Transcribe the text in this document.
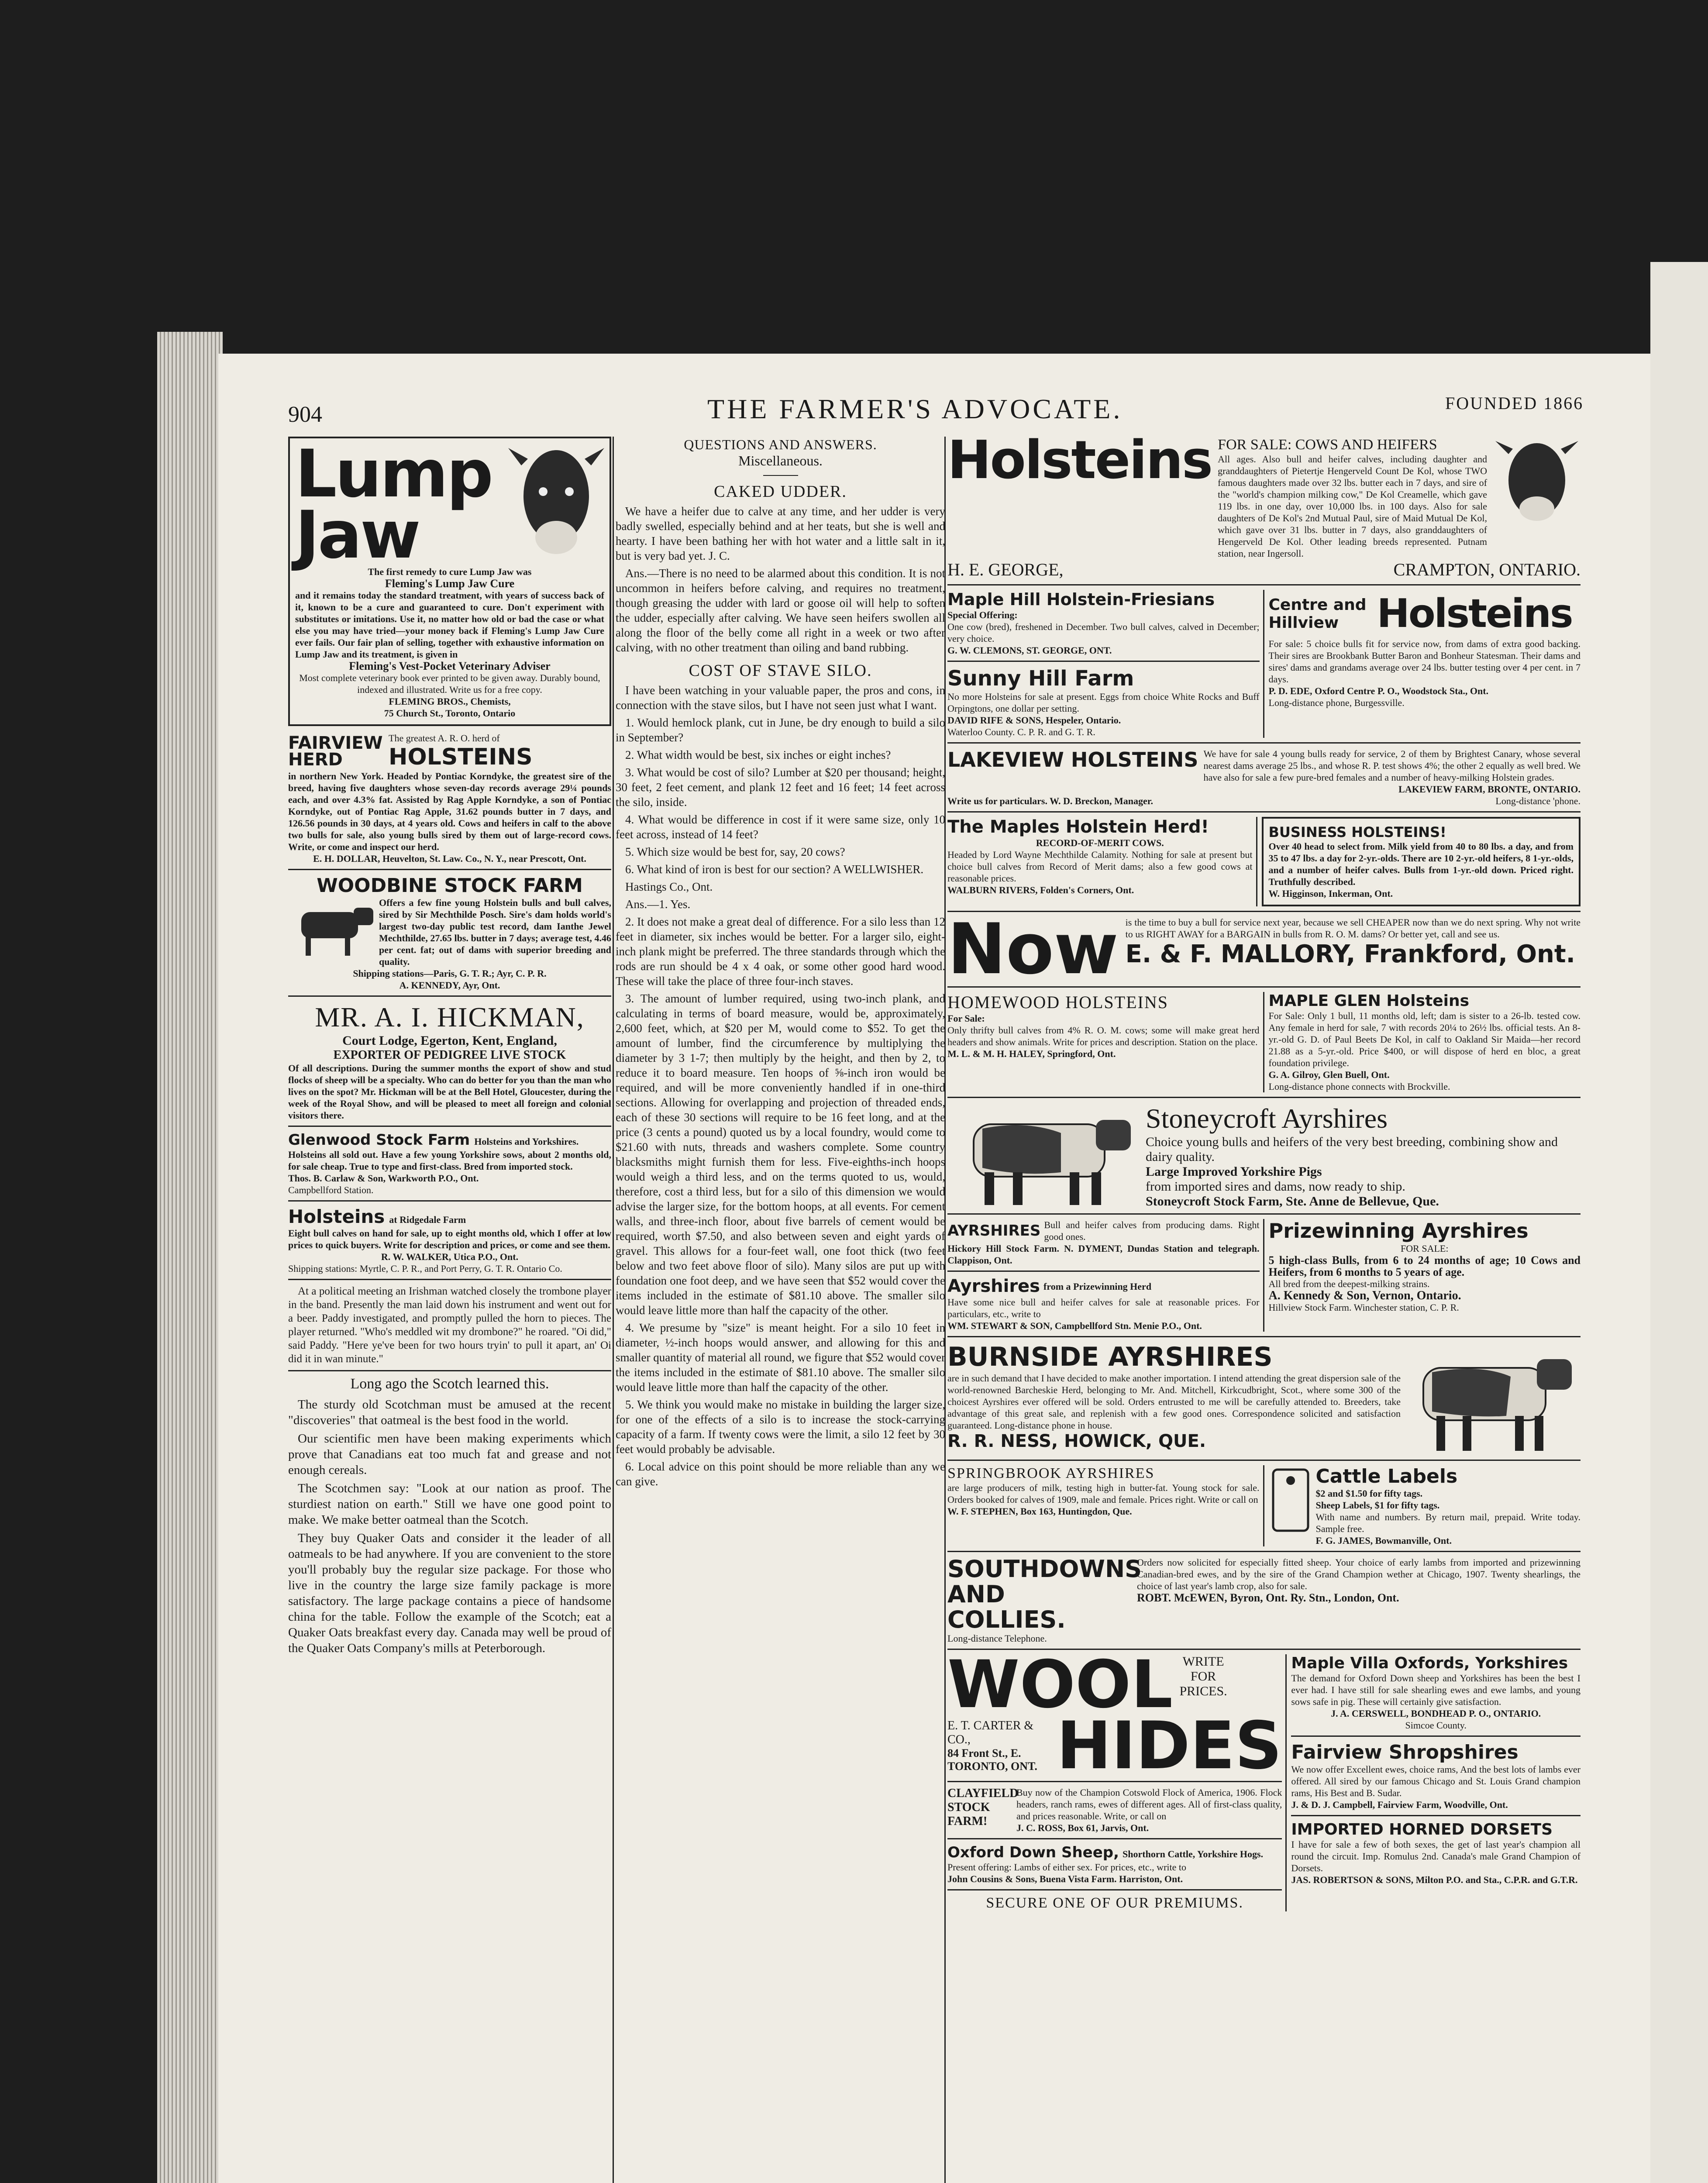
904	THE FARMER'S ADVOCATE.	FOUNDED 1866
Lump Jaw
The first remedy to cure Lump Jaw was
Fleming's Lump Jaw Cure
and it remains today the standard treatment, with years of success back of it, known to be a cure and guaranteed to cure. Don't experiment with substitutes or imitations. Use it, no matter how old or bad the case or what else you may have tried—your money back if Fleming's Lump Jaw Cure ever fails. Our fair plan of selling, together with exhaustive information on Lump Jaw and its treatment, is given in
Fleming's Vest-Pocket Veterinary Adviser
Most complete veterinary book ever printed to be given away. Durably bound, indexed and illustrated. Write us for a free copy.
FLEMING BROS., Chemists,
75 Church St., Toronto, Ontario
FAIRVIEW HERD
The greatest A. R. O. herd of
HOLSTEINS
in northern New York. Headed by Pontiac Korndyke, the greatest sire of the breed, having five daughters whose seven-day records average 29¼ pounds each, and over 4.3% fat. Assisted by Rag Apple Korndyke, a son of Pontiac Korndyke, out of Pontiac Rag Apple, 31.62 pounds butter in 7 days, and 126.56 pounds in 30 days, at 4 years old. Cows and heifers in calf to the above two bulls for sale, also young bulls sired by them out of large-record cows. Write, or come and inspect our herd.
E. H. DOLLAR, Heuvelton, St. Law. Co., N. Y., near Prescott, Ont.
WOODBINE STOCK FARM
Offers a few fine young Holstein bulls and bull calves, sired by Sir Mechthilde Posch. Sire's dam holds world's largest two-day public test record, dam Ianthe Jewel Mechthilde, 27.65 lbs. butter in 7 days; average test, 4.46 per cent. fat; out of dams with superior breeding and quality.
Shipping stations—Paris, G. T. R.; Ayr, C. P. R.
A. KENNEDY, Ayr, Ont.
MR. A. I. HICKMAN,
Court Lodge, Egerton, Kent, England,
EXPORTER OF PEDIGREE LIVE STOCK
Of all descriptions. During the summer months the export of show and stud flocks of sheep will be a specialty. Who can do better for you than the man who lives on the spot? Mr. Hickman will be at the Bell Hotel, Gloucester, during the week of the Royal Show, and will be pleased to meet all foreign and colonial visitors there.
Glenwood Stock Farm Holsteins and Yorkshires.
Holsteins all sold out. Have a few young Yorkshire sows, about 2 months old, for sale cheap. True to type and first-class. Bred from imported stock.
Thos. B. Carlaw & Son, Warkworth P.O., Ont.
Campbellford Station.
Holsteins at Ridgedale Farm
Eight bull calves on hand for sale, up to eight months old, which I offer at low prices to quick buyers. Write for description and prices, or come and see them.
R. W. WALKER, Utica P.O., Ont.
Shipping stations: Myrtle, C. P. R., and Port Perry, G. T. R. Ontario Co.
At a political meeting an Irishman watched closely the trombone player in the band. Presently the man laid down his instrument and went out for a beer. Paddy investigated, and promptly pulled the horn to pieces. The player returned. "Who's meddled wit my drombone?" he roared. "Oi did," said Paddy. "Here ye've been for two hours tryin' to pull it apart, an' Oi did it in wan minute."
Long ago the Scotch learned this.
The sturdy old Scotchman must be amused at the recent "discoveries" that oatmeal is the best food in the world.
Our scientific men have been making experiments which prove that Canadians eat too much fat and grease and not enough cereals.
The Scotchmen say: "Look at our nation as proof. The sturdiest nation on earth." Still we have one good point to make. We make better oatmeal than the Scotch.
They buy Quaker Oats and consider it the leader of all oatmeals to be had anywhere. If you are convenient to the store you'll probably buy the regular size package. For those who live in the country the large size family package is more satisfactory. The large package contains a piece of handsome china for the table. Follow the example of the Scotch; eat a Quaker Oats breakfast every day. Canada may well be proud of the Quaker Oats Company's mills at Peterborough.
QUESTIONS AND ANSWERS.
Miscellaneous.
CAKED UDDER.
We have a heifer due to calve at any time, and her udder is very badly swelled, especially behind and at her teats, but she is well and hearty. I have been bathing her with hot water and a little salt in it, but is very bad yet. J. C.
Ans.—There is no need to be alarmed about this condition. It is not uncommon in heifers before calving, and requires no treatment, though greasing the udder with lard or goose oil will help to soften the udder, especially after calving. We have seen heifers swollen all along the floor of the belly come all right in a week or two after calving, with no other treatment than oiling and band rubbing.
COST OF STAVE SILO.
I have been watching in your valuable paper, the pros and cons, in connection with the stave silos, but I have not seen just what I want.
1. Would hemlock plank, cut in June, be dry enough to build a silo in September?
2. What width would be best, six inches or eight inches?
3. What would be cost of silo? Lumber at $20 per thousand; height, 30 feet, 2 feet cement, and plank 12 feet and 16 feet; 14 feet across the silo, inside.
4. What would be difference in cost if it were same size, only 10 feet across, instead of 14 feet?
5. Which size would be best for, say, 20 cows?
6. What kind of iron is best for our section? A WELLWISHER.
Hastings Co., Ont.
Ans.—1. Yes.
2. It does not make a great deal of difference. For a silo less than 12 feet in diameter, six inches would be better. For a larger silo, eight-inch plank might be preferred. The three standards through which the rods are run should be 4 x 4 oak, or some other good hard wood. These will take the place of three four-inch staves.
3. The amount of lumber required, using two-inch plank, and calculating in terms of board measure, would be, approximately, 2,600 feet, which, at $20 per M, would come to $52. To get the amount of lumber, find the circumference by multiplying the diameter by 3 1-7; then multiply by the height, and then by 2, to reduce it to board measure. Ten hoops of ⅝-inch iron would be required, and will be more conveniently handled if in one-third sections. Allowing for overlapping and projection of threaded ends, each of these 30 sections will require to be 16 feet long, and at the price (3 cents a pound) quoted us by a local foundry, would come to $21.60 with nuts, threads and washers complete. Some country blacksmiths might furnish them for less. Five-eighths-inch hoops would weigh a third less, and on the terms quoted to us, would, therefore, cost a third less, but for a silo of this dimension we would advise the larger size, for the bottom hoops, at all events. For cement walls, and three-inch floor, about five barrels of cement would be required, worth $7.50, and also between seven and eight yards of gravel. This allows for a four-feet wall, one foot thick (two feet below and two feet above floor of silo). Many silos are put up with foundation one foot deep, and we have seen that $52 would cover the items included in the estimate of $81.10 above. The smaller silo would leave little more than half the capacity of the other.
4. We presume by "size" is meant height. For a silo 10 feet in diameter, ½-inch hoops would answer, and allowing for this and smaller quantity of material all round, we figure that $52 would cover the items included in the estimate of $81.10 above. The smaller silo would leave little more than half the capacity of the other.
5. We think you would make no mistake in building the larger size, for one of the effects of a silo is to increase the stock-carrying capacity of a farm. If twenty cows were the limit, a silo 12 feet by 30 feet would probably be advisable.
6. Local advice on this point should be more reliable than any we can give.
Holsteins FOR SALE: COWS AND HEIFERS
All ages. Also bull and heifer calves, including daughter and granddaughters of Pietertje Hengerveld Count De Kol, whose TWO famous daughters made over 32 lbs. butter each in 7 days, and sire of the "world's champion milking cow," De Kol Creamelle, which gave 119 lbs. in one day, over 10,000 lbs. in 100 days. Also for sale daughters of De Kol's 2nd Mutual Paul, sire of Maid Mutual De Kol, which gave over 31 lbs. butter in 7 days, also granddaughters of Hengerveld De Kol. Other leading breeds represented. Putnam station, near Ingersoll.
H. E. GEORGE,	CRAMPTON, ONTARIO.
Maple Hill Holstein-Friesians
Special Offering:
One cow (bred), freshened in December. Two bull calves, calved in December; very choice.
G. W. CLEMONS, ST. GEORGE, ONT.
Sunny Hill Farm
No more Holsteins for sale at present. Eggs from choice White Rocks and Buff Orpingtons, one dollar per setting.
DAVID RIFE & SONS, Hespeler, Ontario.
Waterloo County. C. P. R. and G. T. R.
Centre and Hillview Holsteins
For sale: 5 choice bulls fit for service now, from dams of extra good backing. Their sires are Brookbank Butter Baron and Bonheur Statesman. Their dams and sires' dams and grandams average over 24 lbs. butter testing over 4 per cent. in 7 days.
P. D. EDE, Oxford Centre P. O., Woodstock Sta., Ont.
Long-distance phone, Burgessville.
LAKEVIEW HOLSTEINS We have for sale 4 young bulls ready for service, 2 of them by Brightest Canary, whose several nearest dams average 25 lbs., and whose R. P. test shows 4%; the other 2 equally as well bred. We have also for sale a few pure-bred females and a number of heavy-milking Holstein grades.
LAKEVIEW FARM, BRONTE, ONTARIO.
Write us for particulars. W. D. Breckon, Manager.	Long-distance 'phone.
The Maples Holstein Herd!
RECORD-OF-MERIT COWS.
Headed by Lord Wayne Mechthilde Calamity. Nothing for sale at present but choice bull calves from Record of Merit dams; also a few good cows at reasonable prices.
WALBURN RIVERS, Folden's Corners, Ont.
BUSINESS HOLSTEINS!
Over 40 head to select from. Milk yield from 40 to 80 lbs. a day, and from 35 to 47 lbs. a day for 2-yr.-olds. There are 10 2-yr.-old heifers, 8 1-yr.-olds, and a number of heifer calves. Bulls from 1-yr.-old down. Priced right. Truthfully described.
W. Higginson, Inkerman, Ont.
Now is the time to buy a bull for service next year, because we sell CHEAPER now than we do next spring. Why not write to us RIGHT AWAY for a BARGAIN in bulls from R. O. M. dams? Or better yet, call and see us.
E. & F. MALLORY, Frankford, Ont.
HOMEWOOD HOLSTEINS
For Sale:
Only thrifty bull calves from 4% R. O. M. cows; some will make great herd headers and show animals. Write for prices and description. Station on the place.
M. L. & M. H. HALEY, Springford, Ont.
MAPLE GLEN Holsteins
For Sale: Only 1 bull, 11 months old, left; dam is sister to a 26-lb. tested cow. Any female in herd for sale, 7 with records 20¼ to 26½ lbs. official tests. An 8-yr.-old G. D. of Paul Beets De Kol, in calf to Oakland Sir Maida—her record 21.88 as a 5-yr.-old. Price $400, or will dispose of herd en bloc, a great foundation privilege.
G. A. Gilroy, Glen Buell, Ont.
Long-distance phone connects with Brockville.
Stoneycroft Ayrshires
Choice young bulls and heifers of the very best breeding, combining show and dairy quality.
Large Improved Yorkshire Pigs
from imported sires and dams, now ready to ship.
Stoneycroft Stock Farm, Ste. Anne de Bellevue, Que.
AYRSHIRES Bull and heifer calves from producing dams. Right good ones.
Hickory Hill Stock Farm. N. DYMENT, Dundas Station and telegraph. Clappison, Ont.
Ayrshires from a Prizewinning Herd
Have some nice bull and heifer calves for sale at reasonable prices. For particulars, etc., write to
WM. STEWART & SON, Campbellford Stn. Menie P.O., Ont.
Prizewinning Ayrshires
FOR SALE:
5 high-class Bulls, from 6 to 24 months of age; 10 Cows and Heifers, from 6 months to 5 years of age.
All bred from the deepest-milking strains.
A. Kennedy & Son, Vernon, Ontario.
Hillview Stock Farm. Winchester station, C. P. R.
BURNSIDE AYRSHIRES
are in such demand that I have decided to make another importation. I intend attending the great dispersion sale of the world-renowned Barcheskie Herd, belonging to Mr. And. Mitchell, Kirkcudbright, Scot., where some 300 of the choicest Ayrshires ever offered will be sold. Orders entrusted to me will be carefully attended to. Breeders, take advantage of this great sale, and replenish with a few good ones. Correspondence solicited and satisfaction guaranteed. Long-distance phone in house.
R. R. NESS, HOWICK, QUE.
SPRINGBROOK AYRSHIRES
are large producers of milk, testing high in butter-fat. Young stock for sale. Orders booked for calves of 1909, male and female. Prices right. Write or call on
W. F. STEPHEN, Box 163, Huntingdon, Que.
Cattle Labels
$2 and $1.50 for fifty tags.
Sheep Labels, $1 for fifty tags.
With name and numbers. By return mail, prepaid. Write today. Sample free.
F. G. JAMES, Bowmanville, Ont.
SOUTHDOWNS AND COLLIES.
Long-distance Telephone.
Orders now solicited for especially fitted sheep. Your choice of early lambs from imported and prizewinning Canadian-bred ewes, and by the sire of the Grand Champion wether at Chicago, 1907. Twenty shearlings, the choice of last year's lamb crop, also for sale.
ROBT. McEWEN, Byron, Ont. Ry. Stn., London, Ont.
WOOL WRITE FOR PRICES.
E. T. CARTER & CO.,
84 Front St., E. TORONTO, ONT. HIDES
CLAYFIELD STOCK FARM!
Buy now of the Champion Cotswold Flock of America, 1906. Flock headers, ranch rams, ewes of different ages. All of first-class quality, and prices reasonable. Write, or call on
J. C. ROSS, Box 61, Jarvis, Ont.
Oxford Down Sheep, Shorthorn Cattle, Yorkshire Hogs.
Present offering: Lambs of either sex. For prices, etc., write to
John Cousins & Sons, Buena Vista Farm. Harriston, Ont.
SECURE ONE OF OUR PREMIUMS.
Maple Villa Oxfords, Yorkshires
The demand for Oxford Down sheep and Yorkshires has been the best I ever had. I have still for sale shearling ewes and ewe lambs, and young sows safe in pig. These will certainly give satisfaction.
J. A. CERSWELL, BONDHEAD P. O., ONTARIO.
Simcoe County.
Fairview Shropshires
We now offer Excellent ewes, choice rams, And the best lots of lambs ever offered. All sired by our famous Chicago and St. Louis Grand champion rams, His Best and B. Sudar.
J. & D. J. Campbell, Fairview Farm, Woodville, Ont.
IMPORTED HORNED DORSETS
I have for sale a few of both sexes, the get of last year's champion all round the circuit. Imp. Romulus 2nd. Canada's male Grand Champion of Dorsets.
JAS. ROBERTSON & SONS, Milton P.O. and Sta., C.P.R. and G.T.R.
